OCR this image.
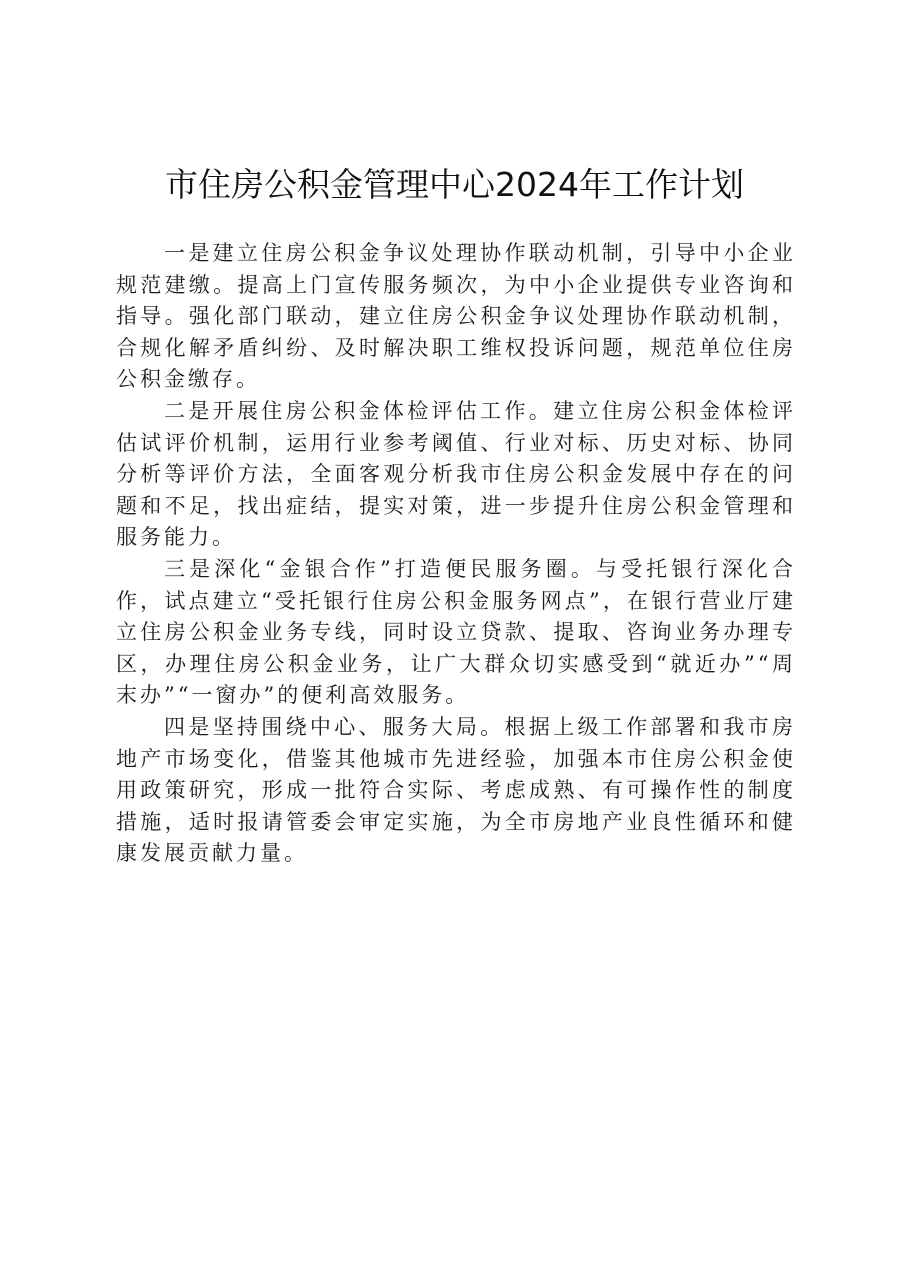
市住房公积金管理中心2024年工作计划

一是建立住房公积金争议处理协作联动机制，引导中小企业规范建缴。提高上门宣传服务频次，为中小企业提供专业咨询和指导。强化部门联动，建立住房公积金争议处理协作联动机制，合规化解矛盾纠纷、及时解决职工维权投诉问题，规范单位住房公积金缴存。

二是开展住房公积金体检评估工作。建立住房公积金体检评估试评价机制，运用行业参考阈值、行业对标、历史对标、协同分析等评价方法，全面客观分析我市住房公积金发展中存在的问题和不足，找出症结，提实对策，进一步提升住房公积金管理和服务能力。

三是深化“金银合作”打造便民服务圈。与受托银行深化合作，试点建立“受托银行住房公积金服务网点”，在银行营业厅建立住房公积金业务专线，同时设立贷款、提取、咨询业务办理专区，办理住房公积金业务，让广大群众切实感受到“就近办”“周末办”“一窗办”的便利高效服务。

四是坚持围绕中心、服务大局。根据上级工作部署和我市房地产市场变化，借鉴其他城市先进经验，加强本市住房公积金使用政策研究，形成一批符合实际、考虑成熟、有可操作性的制度措施，适时报请管委会审定实施，为全市房地产业良性循环和健康发展贡献力量。
